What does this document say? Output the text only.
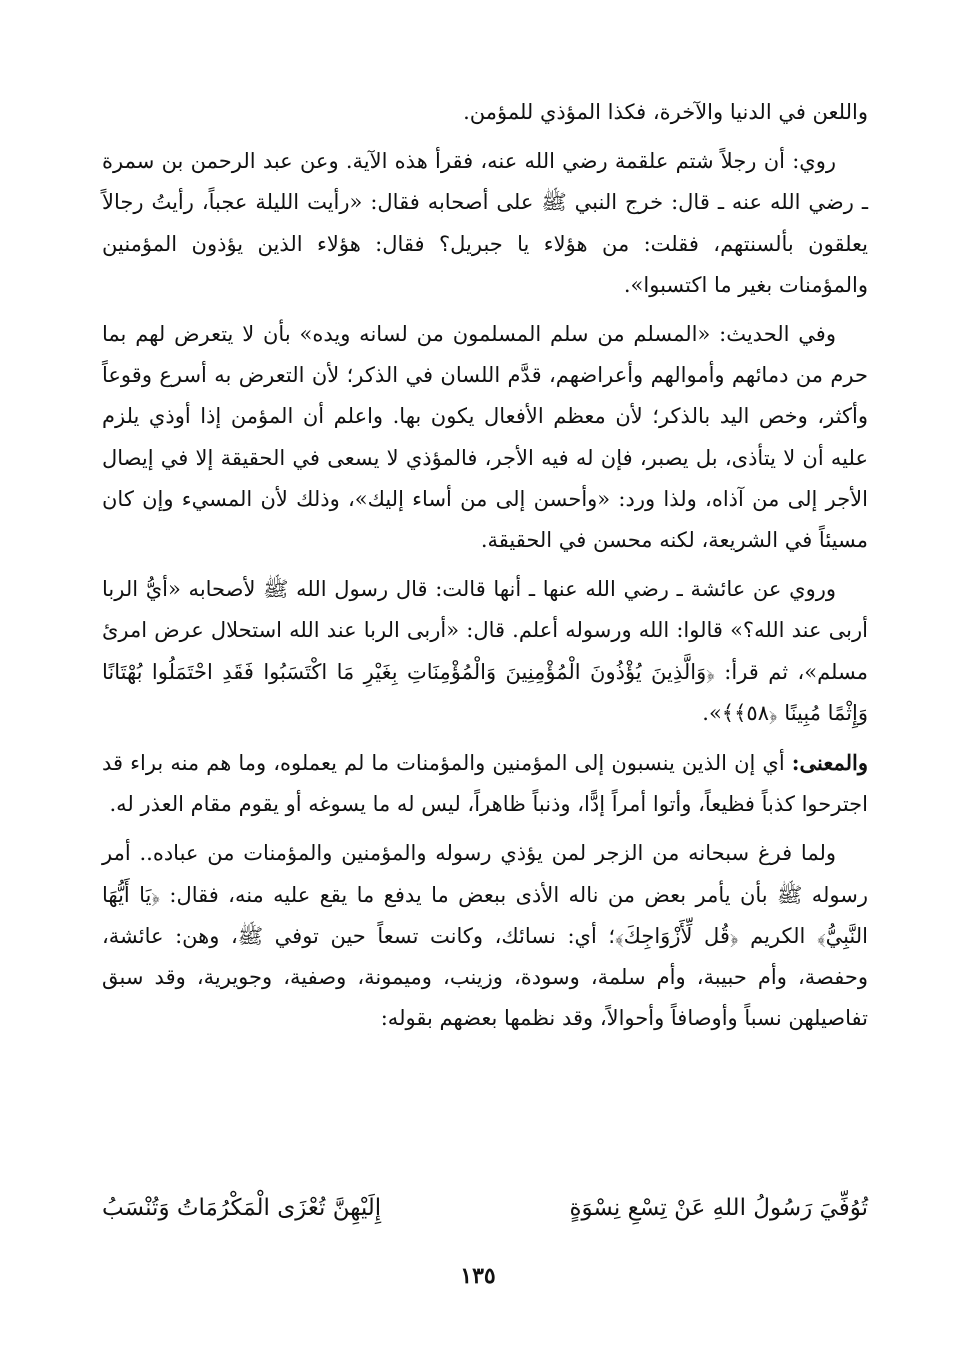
واللعن في الدنيا والآخرة، فكذا المؤذي للمؤمن.

روي: أن رجلاً شتم علقمة رضي الله عنه، فقرأ هذه الآية. وعن عبد الرحمن بن سمرة ـ رضي الله عنه ـ قال: خرج النبي ﷺ على أصحابه فقال: «رأيت الليلة عجباً، رأيتُ رجالاً يعلقون بألسنتهم، فقلت: من هؤلاء يا جبريل؟ فقال: هؤلاء الذين يؤذون المؤمنين والمؤمنات بغير ما اكتسبوا».

وفي الحديث: «المسلم من سلم المسلمون من لسانه ويده» بأن لا يتعرض لهم بما حرم من دمائهم وأموالهم وأعراضهم، قدَّم اللسان في الذكر؛ لأن التعرض به أسرع وقوعاً وأكثر، وخص اليد بالذكر؛ لأن معظم الأفعال يكون بها. واعلم أن المؤمن إذا أوذي يلزم عليه أن لا يتأذى، بل يصبر، فإن له فيه الأجر، فالمؤذي لا يسعى في الحقيقة إلا في إيصال الأجر إلى من آذاه، ولذا ورد: «وأحسن إلى من أساء إليك»، وذلك لأن المسيء وإن كان مسيئاً في الشريعة، لكنه محسن في الحقيقة.

وروي عن عائشة ـ رضي الله عنها ـ أنها قالت: قال رسول الله ﷺ لأصحابه «أيُّ الربا أربى عند الله؟» قالوا: الله ورسوله أعلم. قال: «أربى الربا عند الله استحلال عرض امرئ مسلم»، ثم قرأ: ﴿وَالَّذِينَ يُؤْذُونَ الْمُؤْمِنِينَ وَالْمُؤْمِنَاتِ بِغَيْرِ مَا اكْتَسَبُوا فَقَدِ احْتَمَلُوا بُهْتَانًا وَإِثْمًا مُبِينًا ﴿٥٨﴾﴾».

والمعنى: أي إن الذين ينسبون إلى المؤمنين والمؤمنات ما لم يعملوه، وما هم منه براء قد اجترحوا كذباً فظيعاً، وأتوا أمراً إدًّا، وذنباً ظاهراً، ليس له ما يسوغه أو يقوم مقام العذر له.

ولما فرغ سبحانه من الزجر لمن يؤذي رسوله والمؤمنين والمؤمنات من عباده.. أمر رسوله ﷺ بأن يأمر بعض من ناله الأذى ببعض ما يدفع ما يقع عليه منه، فقال: ﴿يَا أَيُّهَا النَّبِيُّ﴾ الكريم ﴿قُل لِّأَزْوَاجِكَ﴾؛ أي: نسائك، وكانت تسعاً حين توفي ﷺ، وهن: عائشة، وحفصة، وأم حبيبة، وأم سلمة، وسودة، وزينب، وميمونة، وصفية، وجويرية، وقد سبق تفاصيلهن نسباً وأوصافاً وأحوالاً، وقد نظمها بعضهم بقوله:

تُوُفِّيَ رَسُولُ اللهِ عَنْ تِسْعِ نِسْوَةٍ
إِلَيْهِنَّ تُعْزَى الْمَكْرُمَاتُ وَتُنْسَبُ
١٣٥
